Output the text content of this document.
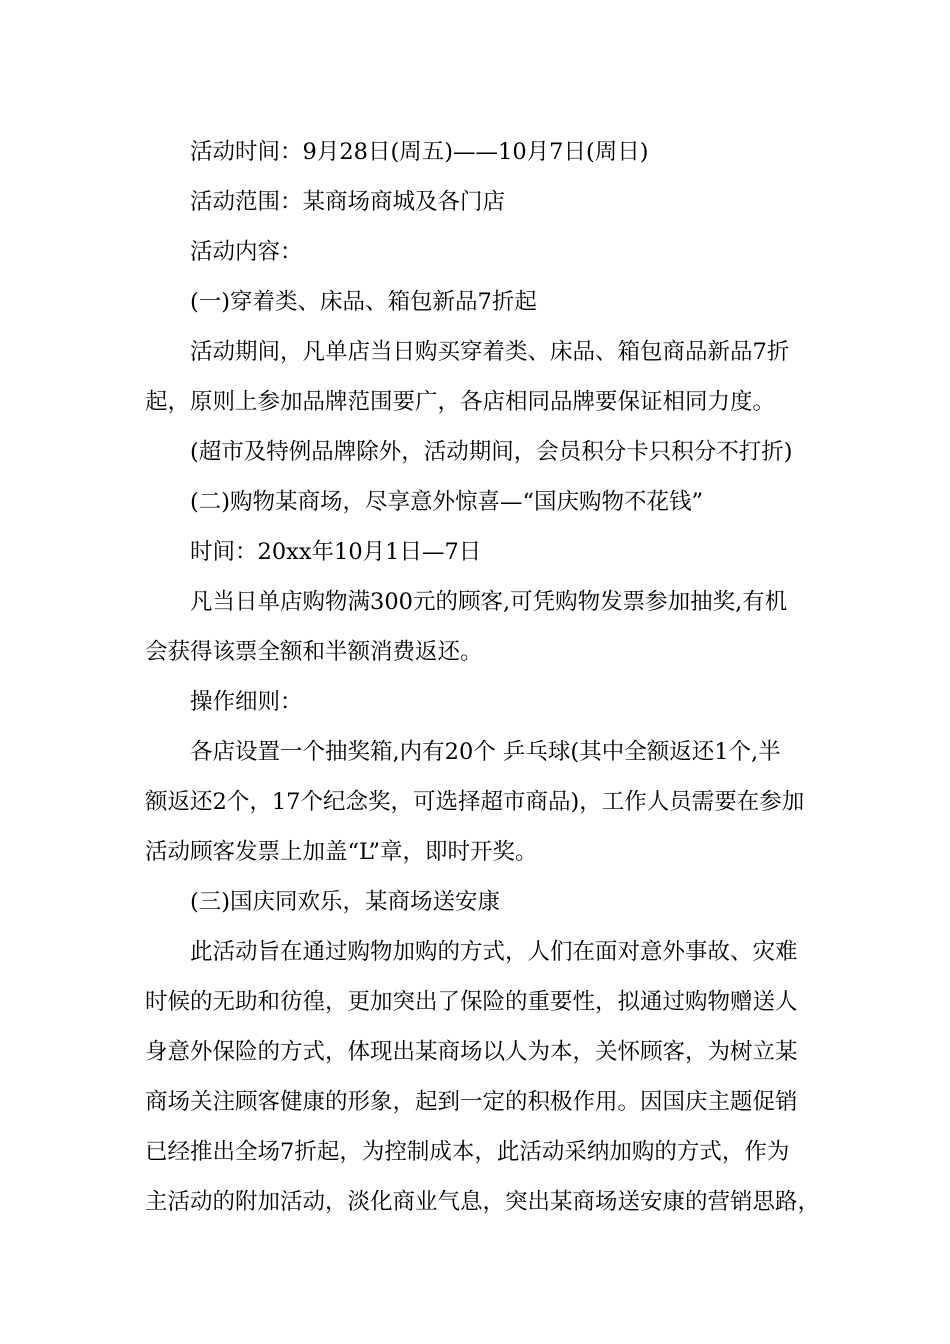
活动时间：9月28日(周五)——10月7日(周日)
活动范围：某商场商城及各门店
活动内容：
(一)穿着类、床品、箱包新品7折起
活动期间，凡单店当日购买穿着类、床品、箱包商品新品7折
起，原则上参加品牌范围要广，各店相同品牌要保证相同力度。
(超市及特例品牌除外，活动期间，会员积分卡只积分不打折)
(二)购物某商场，尽享意外惊喜—“国庆购物不花钱”
时间：20xx年10月1日—7日
凡当日单店购物满300元的顾客,可凭购物发票参加抽奖,有机
会获得该票全额和半额消费返还。
操作细则：
各店设置一个抽奖箱,内有20个 乒乓球(其中全额返还1个,半
额返还2个，17个纪念奖，可选择超市商品)，工作人员需要在参加
活动顾客发票上加盖“L”章，即时开奖。
(三)国庆同欢乐，某商场送安康
此活动旨在通过购物加购的方式，人们在面对意外事故、灾难
时候的无助和彷徨，更加突出了保险的重要性，拟通过购物赠送人
身意外保险的方式，体现出某商场以人为本，关怀顾客，为树立某
商场关注顾客健康的形象，起到一定的积极作用。因国庆主题促销
已经推出全场7折起，为控制成本，此活动采纳加购的方式，作为
主活动的附加活动，淡化商业气息，突出某商场送安康的营销思路，
